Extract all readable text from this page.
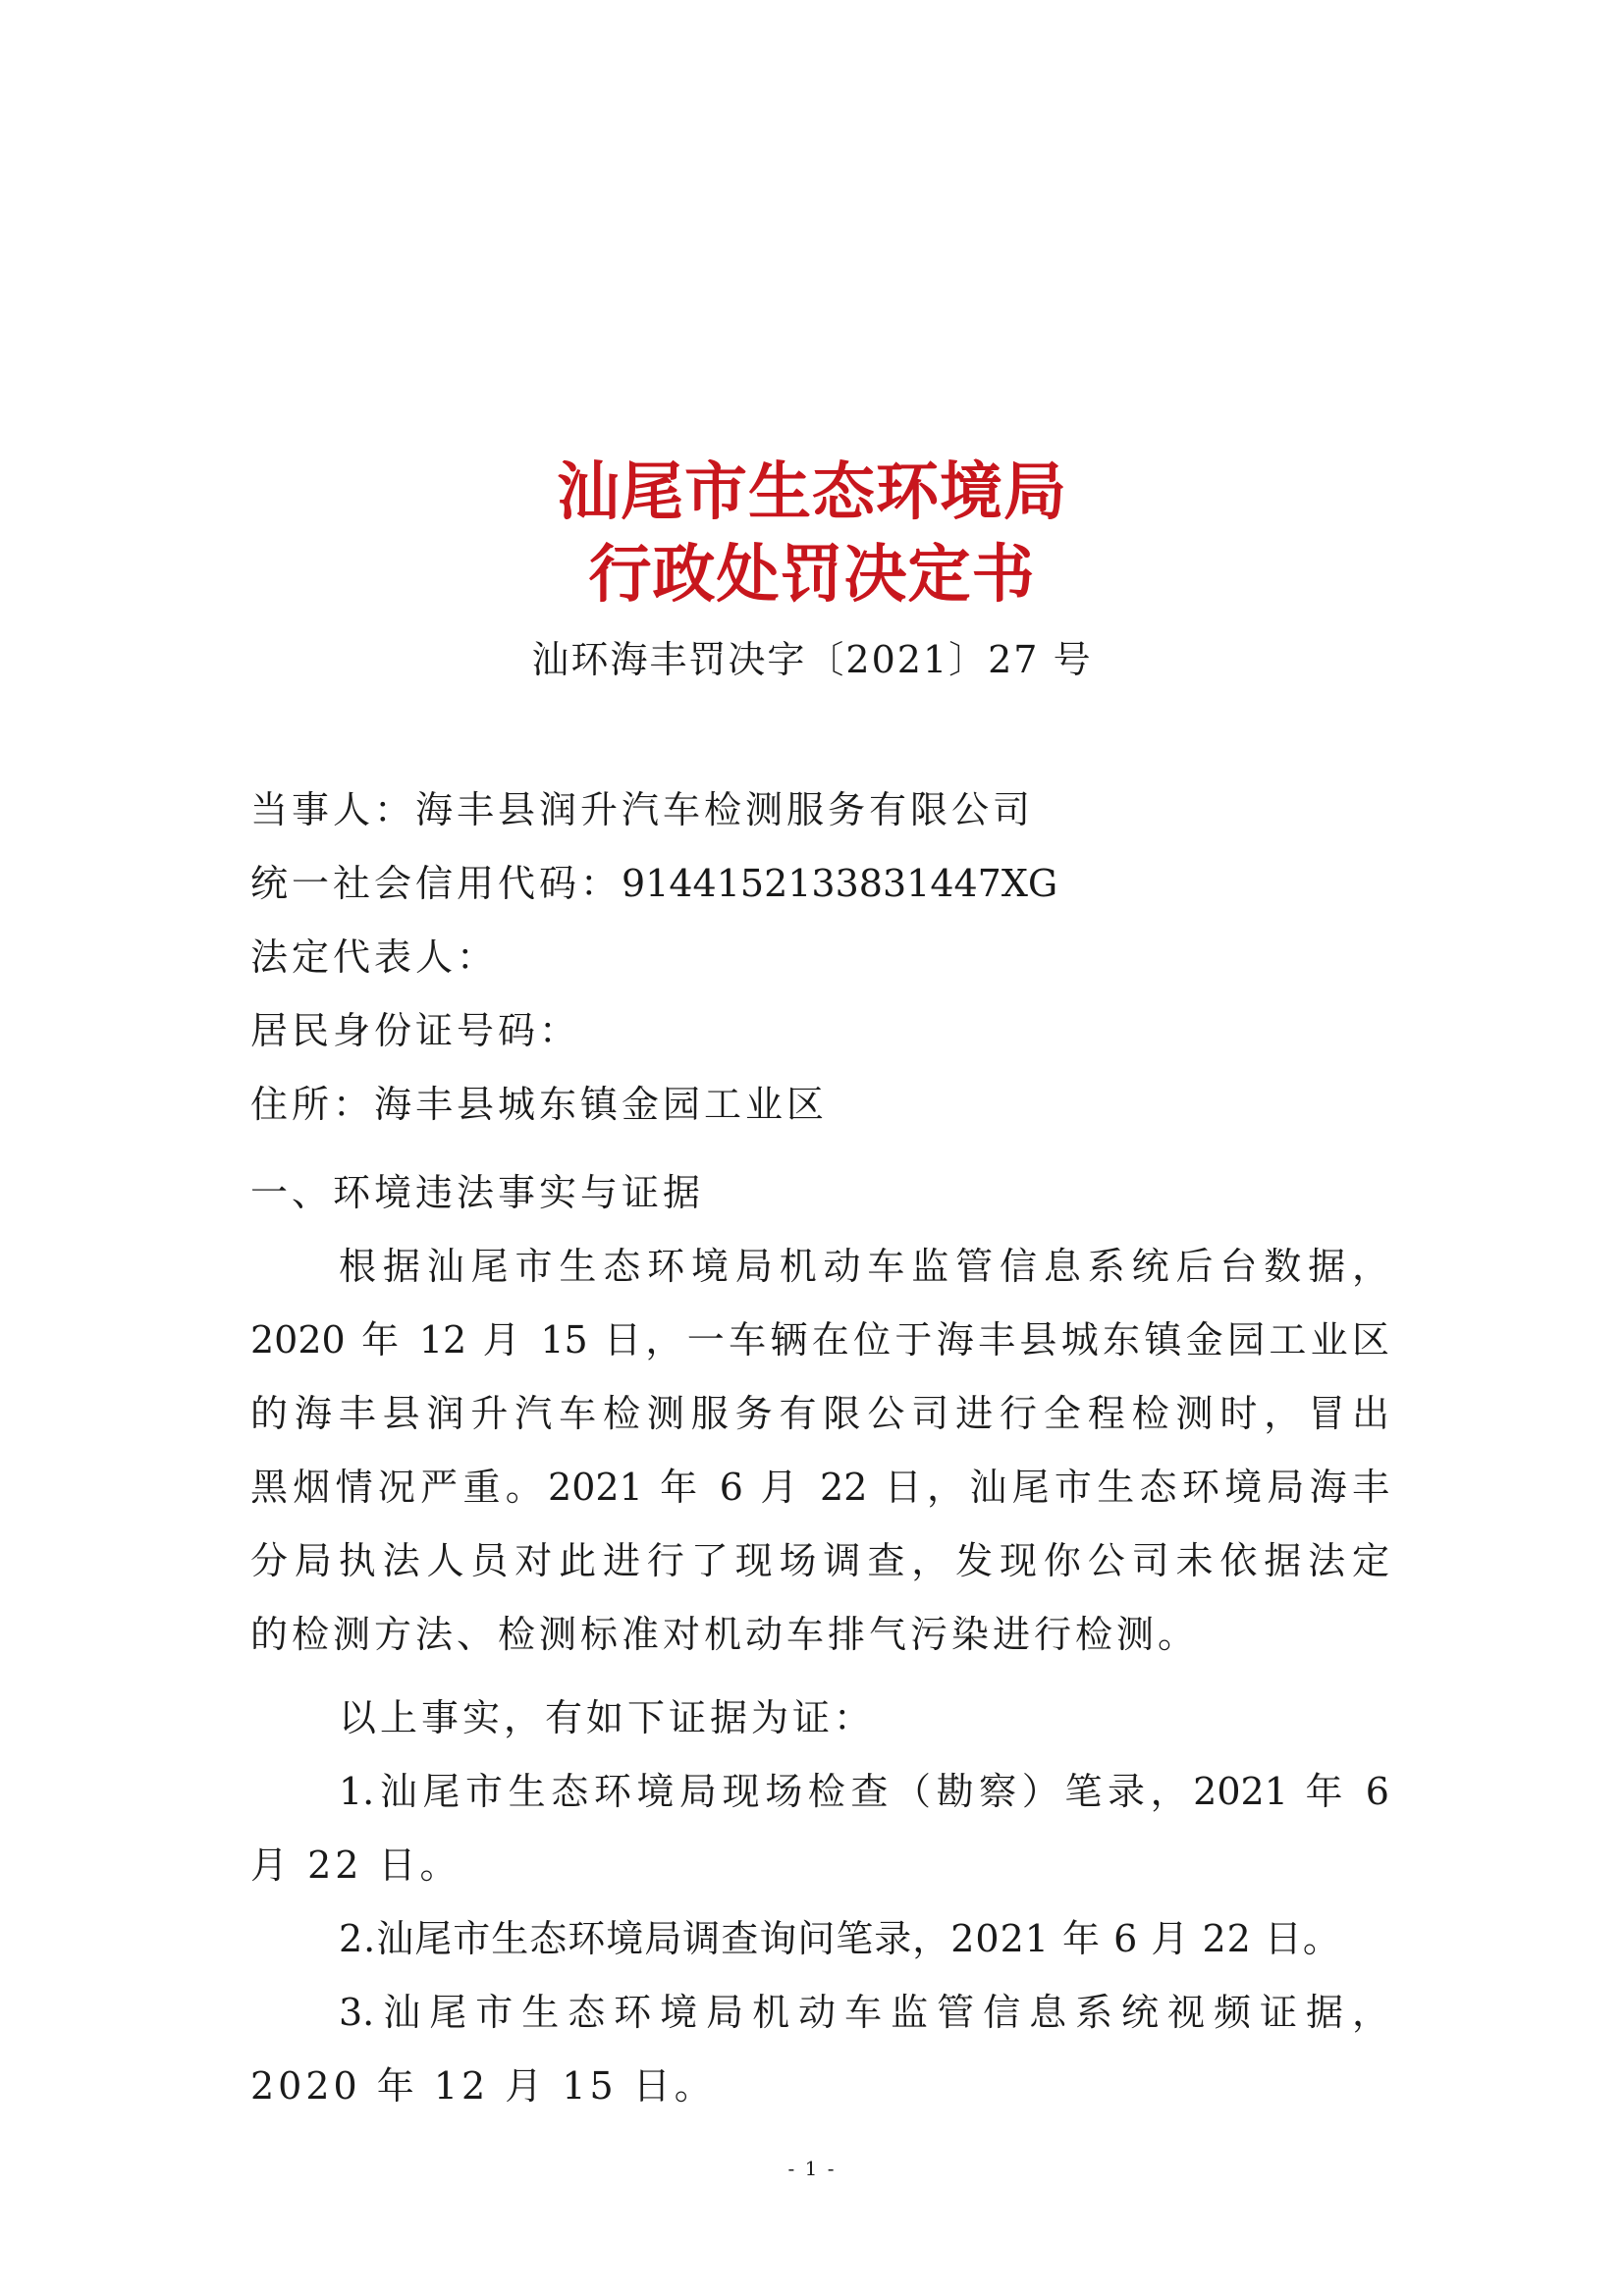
汕尾市生态环境局
行政处罚决定书
汕环海丰罚决字〔2021〕27 号
当事人：海丰县润升汽车检测服务有限公司
统一社会信用代码：9144152133831447XG
法定代表人：
居民身份证号码：
住所：海丰县城东镇金园工业区
一、环境违法事实与证据
根据汕尾市生态环境局机动车监管信息系统后台数据，
2020 年 12 月 15 日，一车辆在位于海丰县城东镇金园工业区
的海丰县润升汽车检测服务有限公司进行全程检测时，冒出
黑烟情况严重。2021 年 6 月 22 日，汕尾市生态环境局海丰
分局执法人员对此进行了现场调查，发现你公司未依据法定
的检测方法、检测标准对机动车排气污染进行检测。
以上事实，有如下证据为证：
1.汕尾市生态环境局现场检查（勘察）笔录，2021 年 6
月 22 日。
2.汕尾市生态环境局调查询问笔录，2021 年 6 月 22 日。
3.汕尾市生态环境局机动车监管信息系统视频证据，
2020 年 12 月 15 日。
- 1 -
